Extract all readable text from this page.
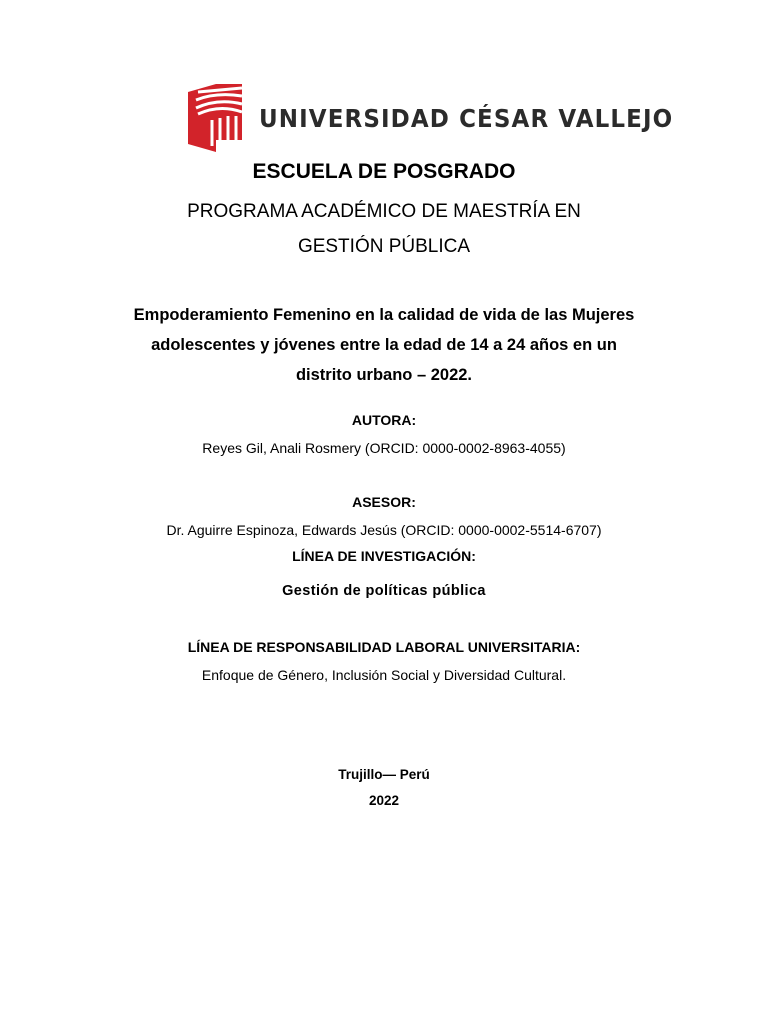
UNIVERSIDAD CÉSAR VALLEJO
ESCUELA DE POSGRADO
PROGRAMA ACADÉMICO DE MAESTRÍA EN
GESTIÓN PÚBLICA
Empoderamiento Femenino en la calidad de vida de las Mujeres
adolescentes y jóvenes entre la edad de 14 a 24 años en un
distrito urbano – 2022.
AUTORA:
Reyes Gil, Anali Rosmery (ORCID: 0000-0002-8963-4055)
ASESOR:
Dr. Aguirre Espinoza, Edwards Jesús (ORCID: 0000-0002-5514-6707)
LÍNEA DE INVESTIGACIÓN:
Gestión de políticas pública
LÍNEA DE RESPONSABILIDAD LABORAL UNIVERSITARIA:
Enfoque de Género, Inclusión Social y Diversidad Cultural.
Trujillo— Perú
2022
